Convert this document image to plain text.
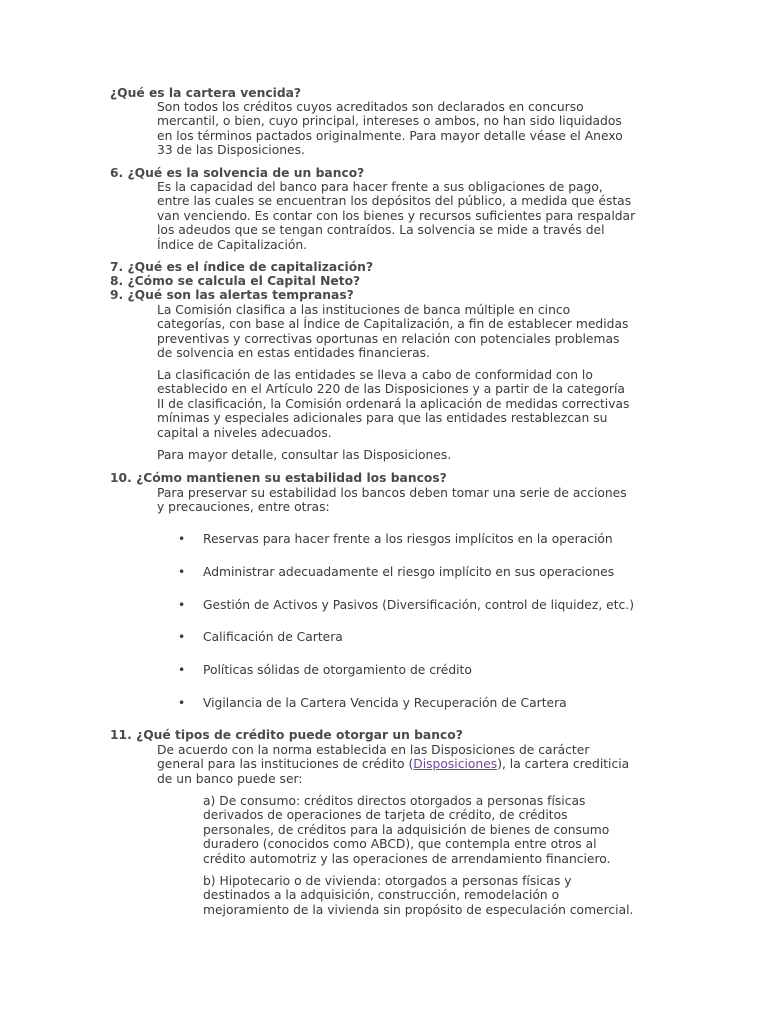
¿Qué es la cartera vencida?
Son todos los créditos cuyos acreditados son declarados en concurso
mercantil, o bien, cuyo principal, intereses o ambos, no han sido liquidados
en los términos pactados originalmente. Para mayor detalle véase el Anexo
33 de las Disposiciones.
6. ¿Qué es la solvencia de un banco?
Es la capacidad del banco para hacer frente a sus obligaciones de pago,
entre las cuales se encuentran los depósitos del público, a medida que éstas
van venciendo. Es contar con los bienes y recursos suficientes para respaldar
los adeudos que se tengan contraídos. La solvencia se mide a través del
Índice de Capitalización.
7. ¿Qué es el índice de capitalización?
8. ¿Cómo se calcula el Capital Neto?
9. ¿Qué son las alertas tempranas?
La Comisión clasifica a las instituciones de banca múltiple en cinco
categorías, con base al Índice de Capitalización, a fin de establecer medidas
preventivas y correctivas oportunas en relación con potenciales problemas
de solvencia en estas entidades financieras.
La clasificación de las entidades se lleva a cabo de conformidad con lo
establecido en el Artículo 220 de las Disposiciones y a partir de la categoría
II de clasificación, la Comisión ordenará la aplicación de medidas correctivas
mínimas y especiales adicionales para que las entidades restablezcan su
capital a niveles adecuados.
Para mayor detalle, consultar las Disposiciones.
10. ¿Cómo mantienen su estabilidad los bancos?
Para preservar su estabilidad los bancos deben tomar una serie de acciones
y precauciones, entre otras:
• Reservas para hacer frente a los riesgos implícitos en la operación
• Administrar adecuadamente el riesgo implícito en sus operaciones
• Gestión de Activos y Pasivos (Diversificación, control de liquidez, etc.)
• Calificación de Cartera
• Políticas sólidas de otorgamiento de crédito
• Vigilancia de la Cartera Vencida y Recuperación de Cartera
11. ¿Qué tipos de crédito puede otorgar un banco?
De acuerdo con la norma establecida en las Disposiciones de carácter
general para las instituciones de crédito (Disposiciones), la cartera crediticia
de un banco puede ser:
a) De consumo: créditos directos otorgados a personas físicas
derivados de operaciones de tarjeta de crédito, de créditos
personales, de créditos para la adquisición de bienes de consumo
duradero (conocidos como ABCD), que contempla entre otros al
crédito automotriz y las operaciones de arrendamiento financiero.
b) Hipotecario o de vivienda: otorgados a personas físicas y
destinados a la adquisición, construcción, remodelación o
mejoramiento de la vivienda sin propósito de especulación comercial.
